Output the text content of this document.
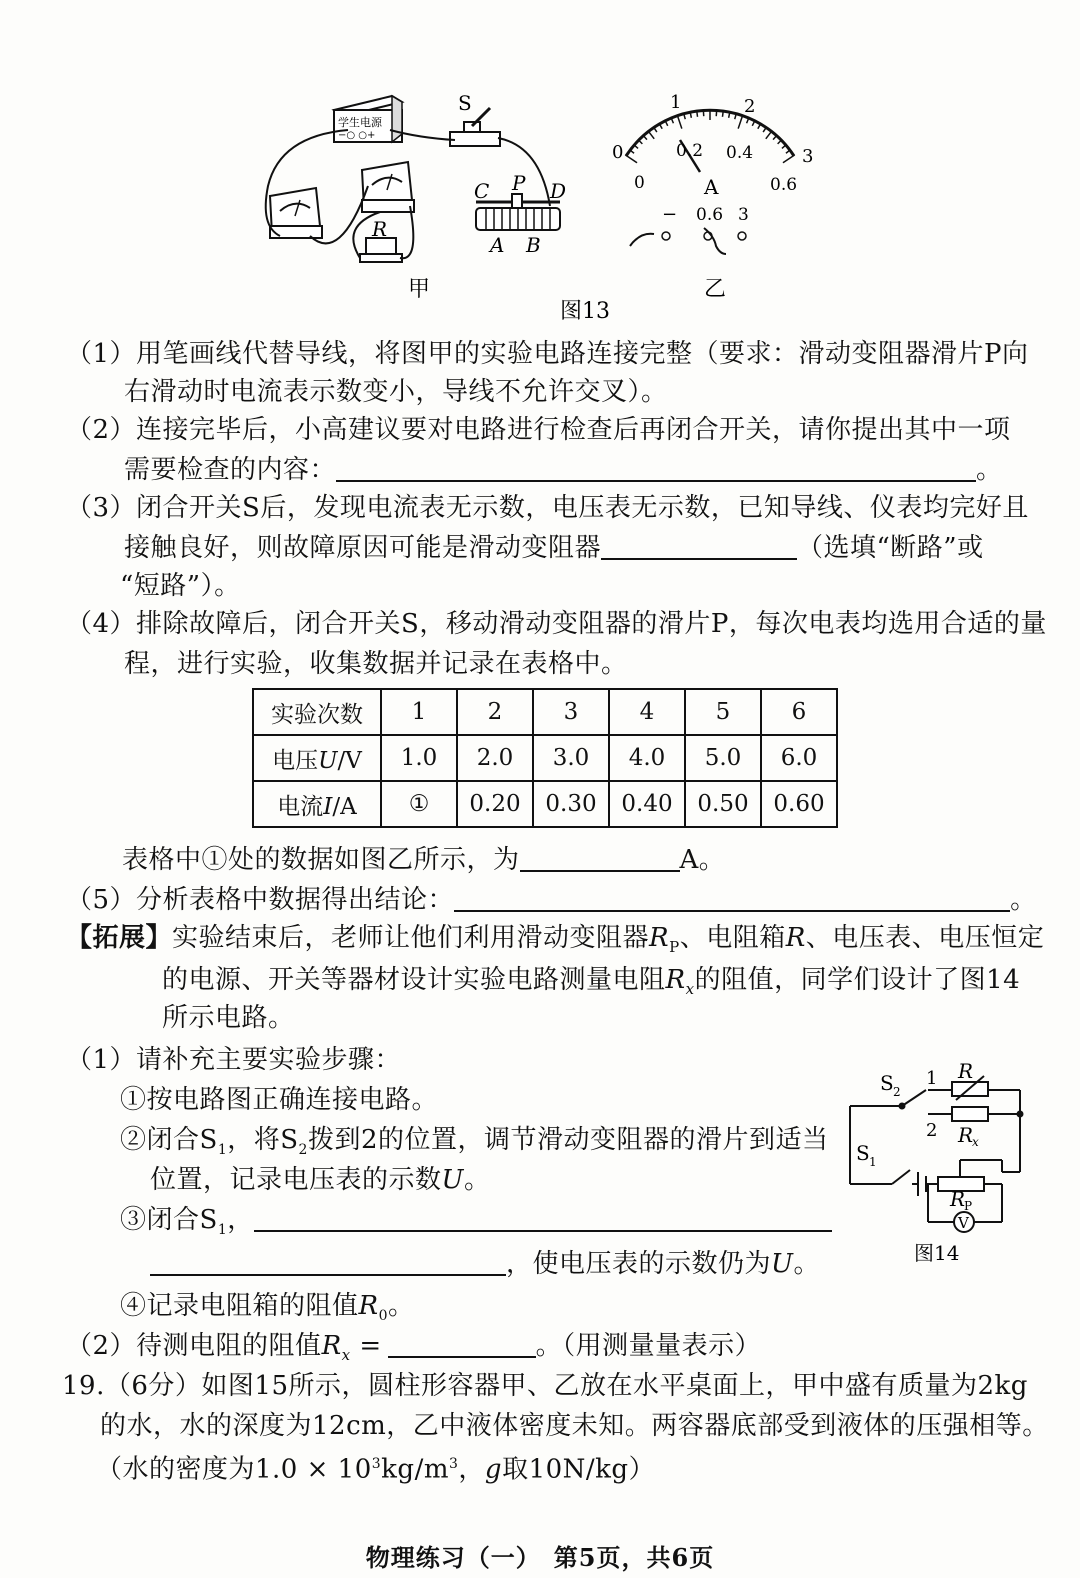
学生电源
−○ ○+
S
R
C P D
A B
甲
图13
1	2
0	3
0
0.2 0.4
0.6
A
− 0.6 3
乙
（1）用笔画线代替导线，将图甲的实验电路连接完整（要求：滑动变阻器滑片P向
右滑动时电流表示数变小，导线不允许交叉）。
（2）连接完毕后，小高建议要对电路进行检查后再闭合开关，请你提出其中一项
需要检查的内容：	。
（3）闭合开关S后，发现电流表无示数，电压表无示数，已知导线、仪表均完好且
接触良好，则故障原因可能是滑动变阻器	（选填“断路”或
“短路”）。
（4）排除故障后，闭合开关S，移动滑动变阻器的滑片P，每次电表均选用合适的量
程，进行实验，收集数据并记录在表格中。
实验次数	1	2	3	4	5	6
电压U/V	1.0	2.0	3.0	4.0	5.0	6.0
电流I/A	①	0.20	0.30	0.40	0.50	0.60
表格中①处的数据如图乙所示，为	A。
（5）分析表格中数据得出结论：	。
【拓展】实验结束后，老师让他们利用滑动变阻器$R_P$、电阻箱R、电压表、电压恒定
的电源、开关等器材设计实验电路测量电阻$R_x$的阻值，同学们设计了图14
所示电路。
（1）请补充主要实验步骤：
①按电路图正确连接电路。
②闭合$S_1$，将$S_2$拨到2的位置，调节滑动变阻器的滑片到适当
位置，记录电压表的示数U。
③闭合$S_1$，
，使电压表的示数仍为U。
④记录电阻箱的阻值$R_0$。
（2）待测电阻的阻值$R_x$ =	。（用测量量表示）
S 2
1
2
R
R
x
S 1
R
P
V
图14
19.（6分）如图15所示，圆柱形容器甲、乙放在水平桌面上，甲中盛有质量为2kg
的水，水的深度为12cm，乙中液体密度未知。两容器底部受到液体的压强相等。
（水的密度为$1.0 \times 10^3kg/m^3$，g取10N/kg）
物理练习（一）　第5页，共6页
